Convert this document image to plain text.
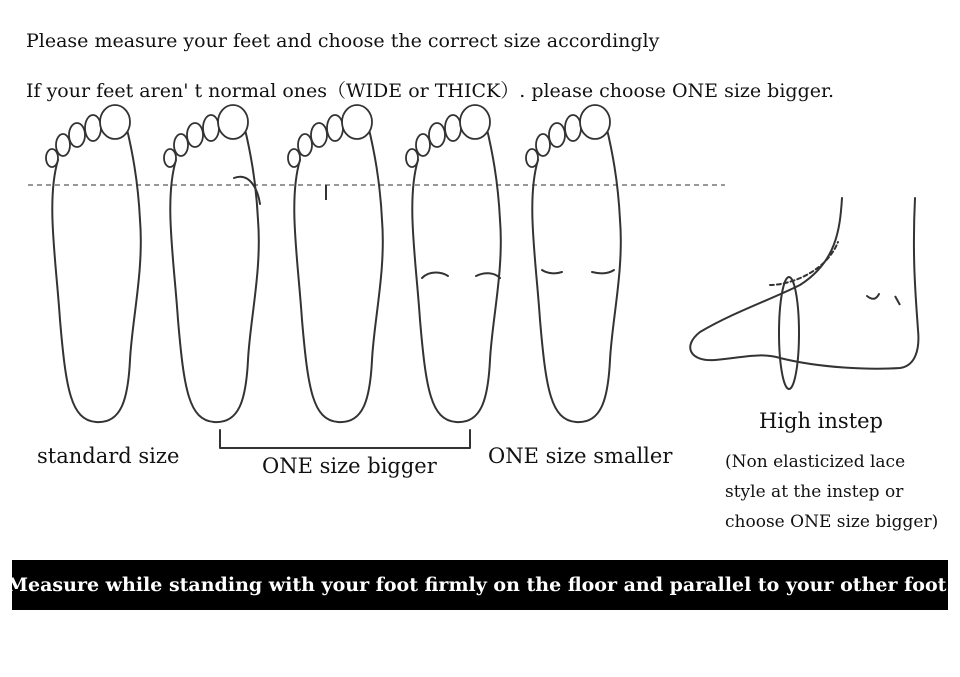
Please measure your feet and choose the correct size accordingly
If your feet aren' t normal ones（WIDE or THICK）. please choose ONE size bigger.
standard size	ONE size bigger ONE size smaller
High instep
(Non elasticized lace
style at the instep or
choose ONE size bigger)
Measure while standing with your foot firmly on the floor and parallel to your other foot.
